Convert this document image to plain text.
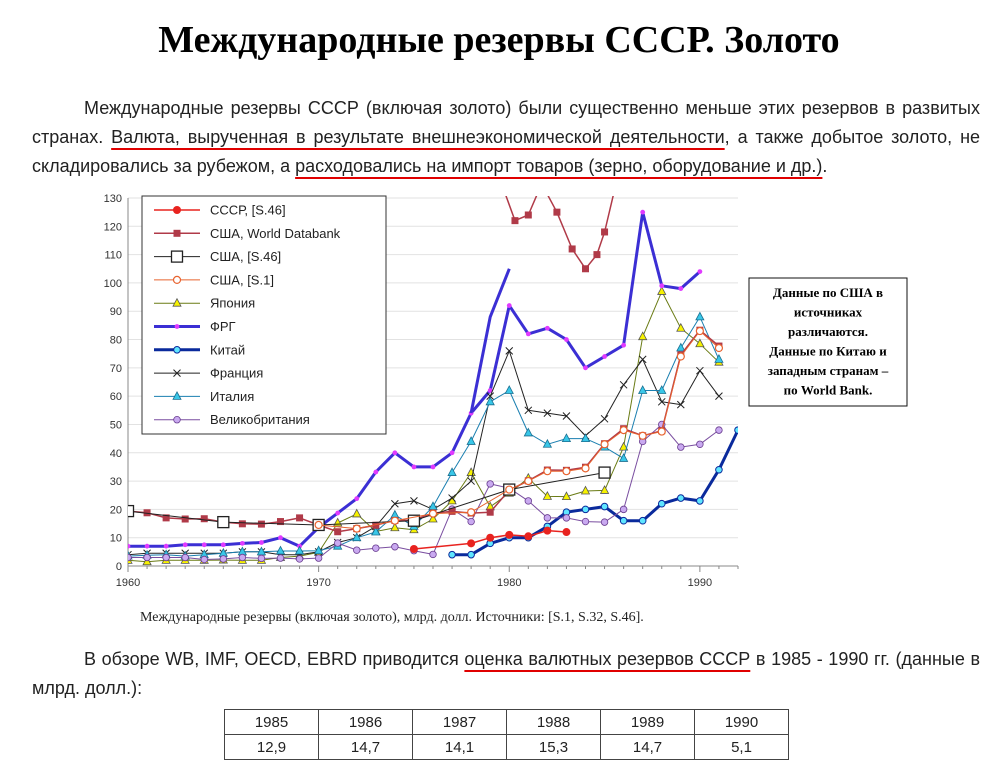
Международные резервы СССР. Золото

Международные резервы СССР (включая золото) были существенно меньше этих резервов в развитых странах. Валюта, вырученная в результате внешнеэкономической деятельности, а также добытое золото, не складировались за рубежом, а расходовались на импорт товаров (зерно, оборудование и др.).

0
10
20
30
40
50
60
70
80
90
100
110
120
130
1960	1970	1980	1990
СССР, [S.46]
США, World Databank
США, [S.46]
США, [S.1]
Япония
ФРГ
Китай
Франция
Италия
Великобритания
Данные по США в
источниках
различаются.
Данные по Китаю и
западным странам –
по World Bank.
Международные резервы (включая золото), млрд. долл. Источники: [S.1, S.32, S.46].

В обзоре WB, IMF, OECD, EBRD приводится оценка валютных резервов СССР в 1985 - 1990 гг. (данные в млрд. долл.):

1985	1986	1987	1988	1989	1990
12,9	14,7	14,1	15,3	14,7	5,1
